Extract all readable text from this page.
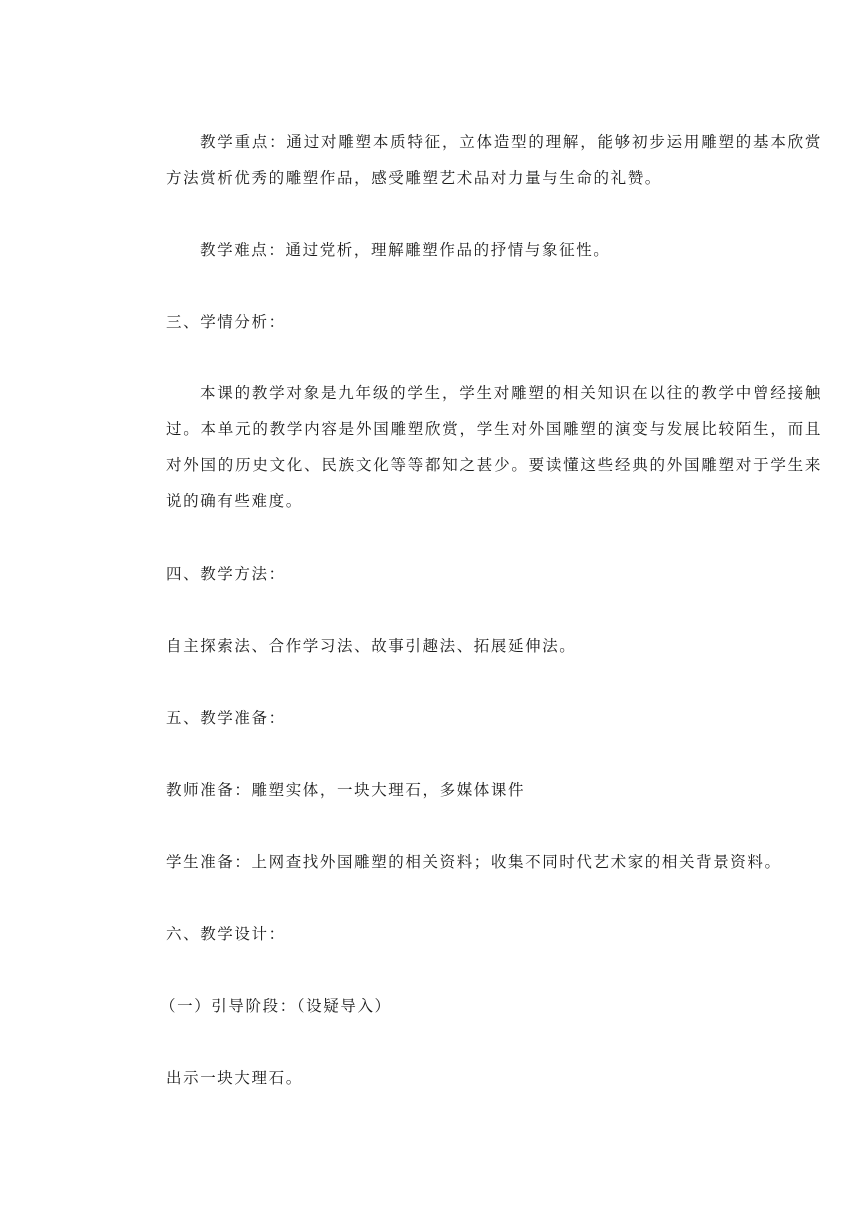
教学重点：通过对雕塑本质特征，立体造型的理解，能够初步运用雕塑的基本欣赏方法赏析优秀的雕塑作品，感受雕塑艺术品对力量与生命的礼赞。

教学难点：通过党析，理解雕塑作品的抒情与象征性。

三、学情分析：

本课的教学对象是九年级的学生，学生对雕塑的相关知识在以往的教学中曾经接触过。本单元的教学内容是外国雕塑欣赏，学生对外国雕塑的演变与发展比较陌生，而且对外国的历史文化、民族文化等等都知之甚少。要读懂这些经典的外国雕塑对于学生来说的确有些难度。

四、教学方法：

自主探索法、合作学习法、故事引趣法、拓展延伸法。

五、教学准备：

教师准备：雕塑实体，一块大理石，多媒体课件

学生准备：上网查找外国雕塑的相关资料；收集不同时代艺术家的相关背景资料。

六、教学设计：

（一）引导阶段：（设疑导入）

出示一块大理石。
